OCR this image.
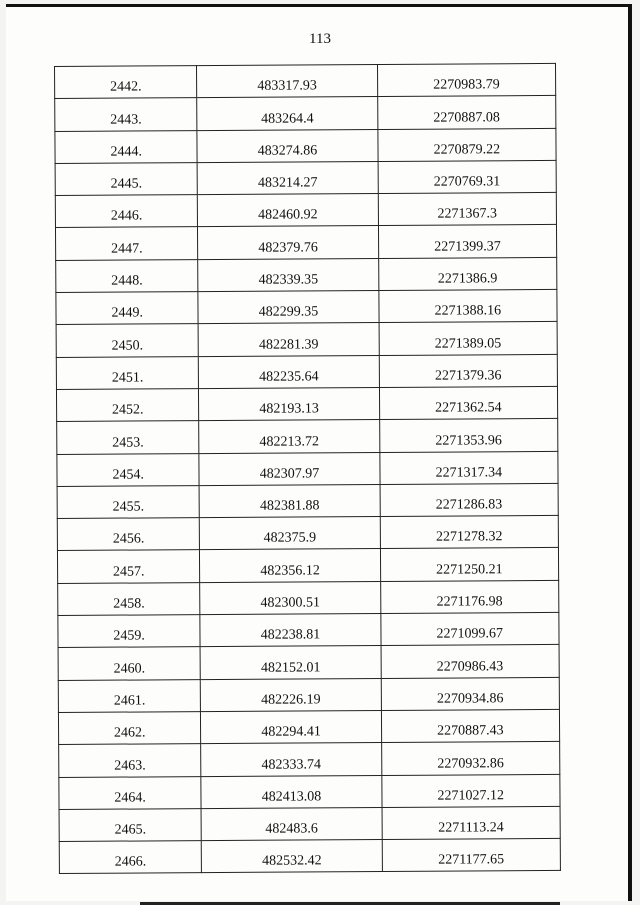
113
2442.	483317.93	2270983.79
2443.	483264.4	2270887.08
2444.	483274.86	2270879.22
2445.	483214.27	2270769.31
2446.	482460.92	2271367.3
2447.	482379.76	2271399.37
2448.	482339.35	2271386.9
2449.	482299.35	2271388.16
2450.	482281.39	2271389.05
2451.	482235.64	2271379.36
2452.	482193.13	2271362.54
2453.	482213.72	2271353.96
2454.	482307.97	2271317.34
2455.	482381.88	2271286.83
2456.	482375.9	2271278.32
2457.	482356.12	2271250.21
2458.	482300.51	2271176.98
2459.	482238.81	2271099.67
2460.	482152.01	2270986.43
2461.	482226.19	2270934.86
2462.	482294.41	2270887.43
2463.	482333.74	2270932.86
2464.	482413.08	2271027.12
2465.	482483.6	2271113.24
2466.	482532.42	2271177.65
